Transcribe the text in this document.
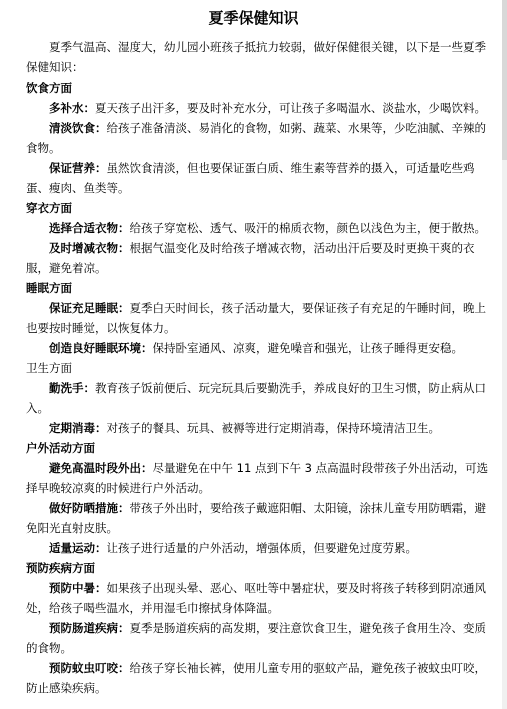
夏季保健知识
夏季气温高、湿度大，幼儿园小班孩子抵抗力较弱，做好保健很关键，以下是一些夏季保健知识：
饮食方面
多补水：夏天孩子出汗多，要及时补充水分，可让孩子多喝温水、淡盐水，少喝饮料。
清淡饮食：给孩子准备清淡、易消化的食物，如粥、蔬菜、水果等，少吃油腻、辛辣的食物。
保证营养：虽然饮食清淡，但也要保证蛋白质、维生素等营养的摄入，可适量吃些鸡蛋、瘦肉、鱼类等。
穿衣方面
选择合适衣物：给孩子穿宽松、透气、吸汗的棉质衣物，颜色以浅色为主，便于散热。
及时增减衣物：根据气温变化及时给孩子增减衣物，活动出汗后要及时更换干爽的衣服，避免着凉。
睡眠方面
保证充足睡眠：夏季白天时间长，孩子活动量大，要保证孩子有充足的午睡时间，晚上也要按时睡觉，以恢复体力。
创造良好睡眠环境：保持卧室通风、凉爽，避免噪音和强光，让孩子睡得更安稳。
卫生方面
勤洗手：教育孩子饭前便后、玩完玩具后要勤洗手，养成良好的卫生习惯，防止病从口入。
定期消毒：对孩子的餐具、玩具、被褥等进行定期消毒，保持环境清洁卫生。
户外活动方面
避免高温时段外出：尽量避免在中午 11 点到下午 3 点高温时段带孩子外出活动，可选择早晚较凉爽的时候进行户外活动。
做好防晒措施：带孩子外出时，要给孩子戴遮阳帽、太阳镜，涂抹儿童专用防晒霜，避免阳光直射皮肤。
适量运动：让孩子进行适量的户外活动，增强体质，但要避免过度劳累。
预防疾病方面
预防中暑：如果孩子出现头晕、恶心、呕吐等中暑症状，要及时将孩子转移到阴凉通风处，给孩子喝些温水，并用湿毛巾擦拭身体降温。
预防肠道疾病：夏季是肠道疾病的高发期，要注意饮食卫生，避免孩子食用生冷、变质的食物。
预防蚊虫叮咬：给孩子穿长袖长裤，使用儿童专用的驱蚊产品，避免孩子被蚊虫叮咬，防止感染疾病。
